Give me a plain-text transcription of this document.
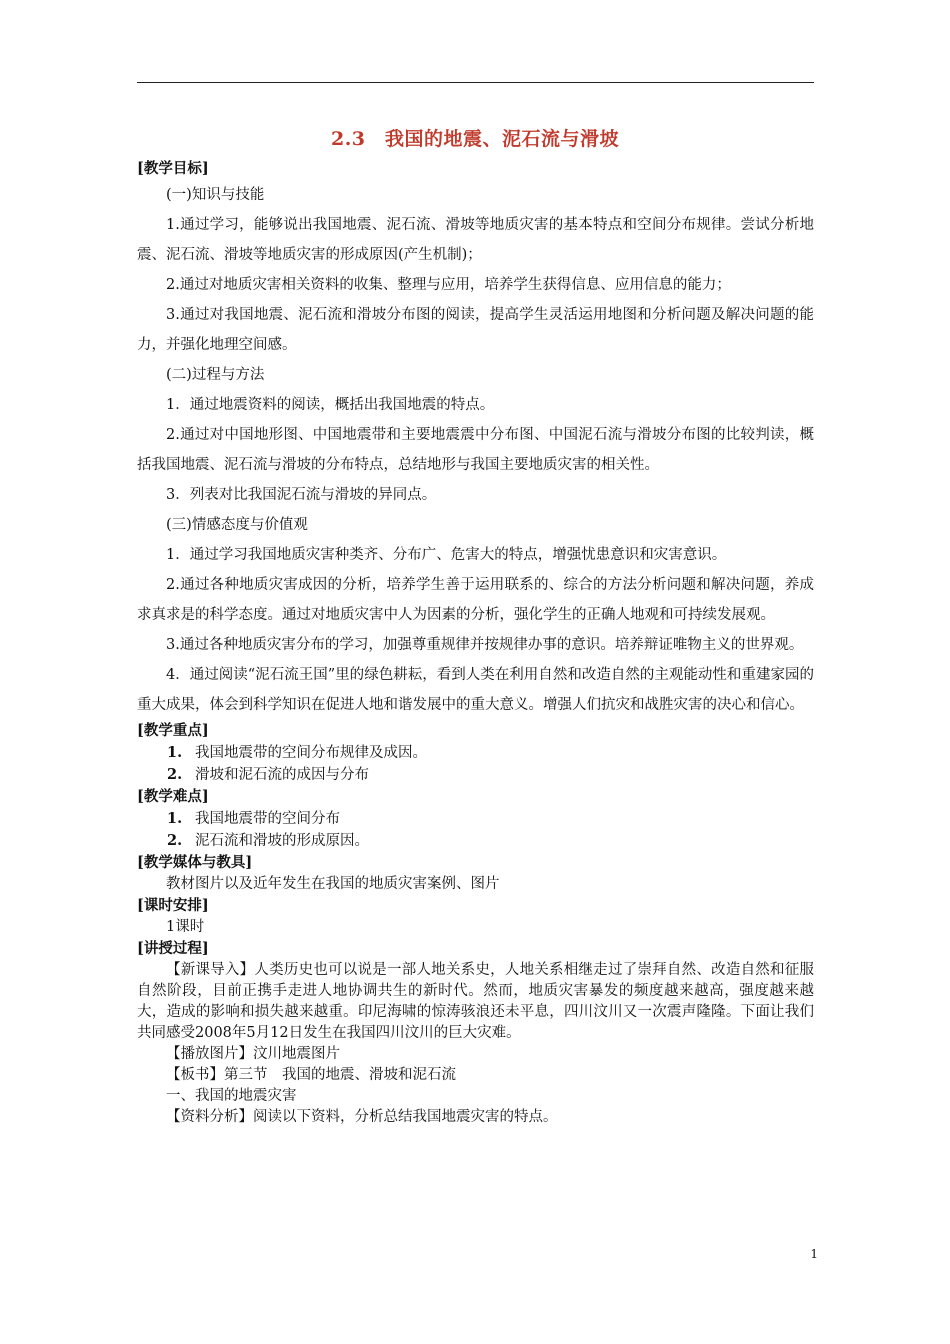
2.3　我国的地震、泥石流与滑坡

[教学目标]

(一)知识与技能

1.通过学习，能够说出我国地震、泥石流、滑坡等地质灾害的基本特点和空间分布规律。尝试分析地震、泥石流、滑坡等地质灾害的形成原因(产生机制)；

2.通过对地质灾害相关资料的收集、整理与应用，培养学生获得信息、应用信息的能力；

3.通过对我国地震、泥石流和滑坡分布图的阅读，提高学生灵活运用地图和分析问题及解决问题的能力，并强化地理空间感。

(二)过程与方法

1．通过地震资料的阅读，概括出我国地震的特点。

2.通过对中国地形图、中国地震带和主要地震震中分布图、中国泥石流与滑坡分布图的比较判读，概括我国地震、泥石流与滑坡的分布特点，总结地形与我国主要地质灾害的相关性。

3．列表对比我国泥石流与滑坡的异同点。

(三)情感态度与价值观

1．通过学习我国地质灾害种类齐、分布广、危害大的特点，增强忧患意识和灾害意识。

2.通过各种地质灾害成因的分析，培养学生善于运用联系的、综合的方法分析问题和解决问题，养成求真求是的科学态度。通过对地质灾害中人为因素的分析，强化学生的正确人地观和可持续发展观。

3.通过各种地质灾害分布的学习，加强尊重规律并按规律办事的意识。培养辩证唯物主义的世界观。

4．通过阅读“泥石流王国”里的绿色耕耘，看到人类在利用自然和改造自然的主观能动性和重建家园的重大成果，体会到科学知识在促进人地和谐发展中的重大意义。增强人们抗灾和战胜灾害的决心和信心。

[教学重点]

1. 我国地震带的空间分布规律及成因。

2. 滑坡和泥石流的成因与分布

[教学难点]

1. 我国地震带的空间分布

2. 泥石流和滑坡的形成原因。

[教学媒体与教具]

教材图片以及近年发生在我国的地质灾害案例、图片

[课时安排]

1课时

[讲授过程]

【新课导入】人类历史也可以说是一部人地关系史，人地关系相继走过了崇拜自然、改造自然和征服自然阶段，目前正携手走进人地协调共生的新时代。然而，地质灾害暴发的频度越来越高，强度越来越大，造成的影响和损失越来越重。印尼海啸的惊涛骇浪还未平息，四川汶川又一次震声隆隆。下面让我们共同感受2008年5月12日发生在我国四川汶川的巨大灾难。

【播放图片】汶川地震图片

【板书】第三节　我国的地震、滑坡和泥石流

一、我国的地震灾害

【资料分析】阅读以下资料，分析总结我国地震灾害的特点。

1
